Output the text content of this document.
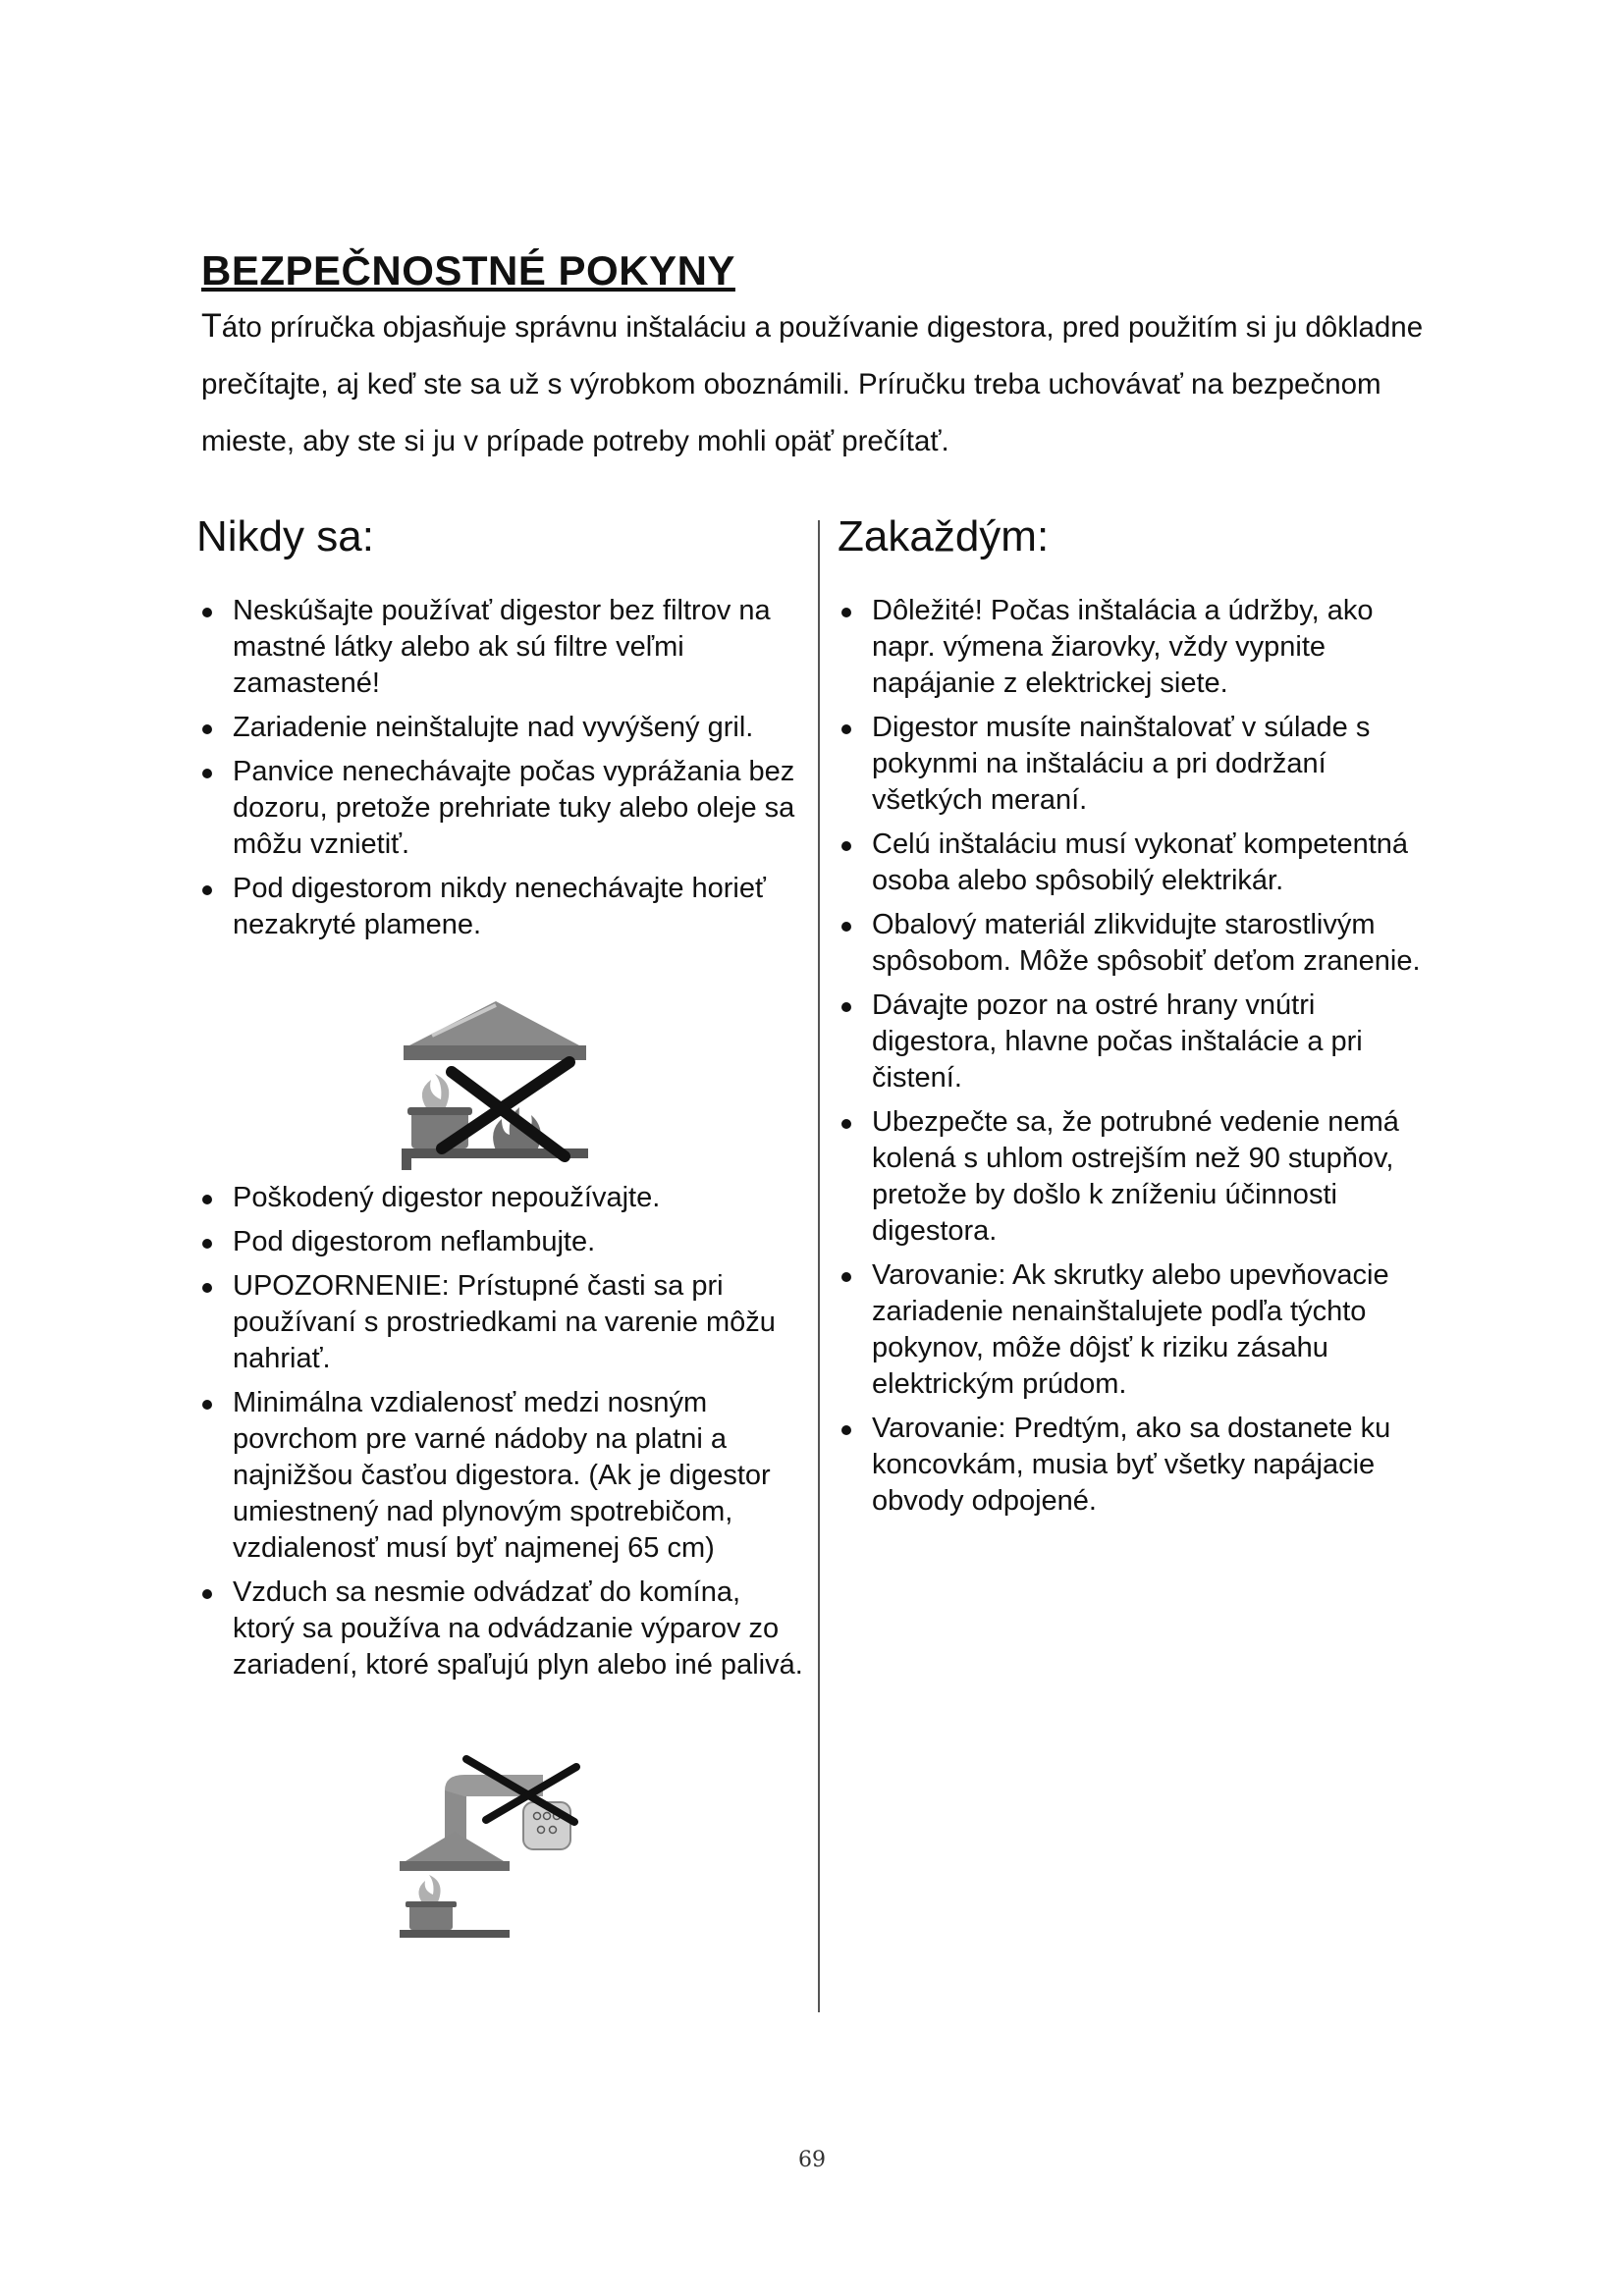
BEZPEČNOSTNÉ POKYNY

Táto príručka objasňuje správnu inštaláciu a používanie digestora, pred použitím si ju dôkladne prečítajte, aj keď ste sa už s výrobkom oboznámili. Príručku treba uchovávať na bezpečnom mieste, aby ste si ju v prípade potreby mohli opäť prečítať.

Nikdy sa:	Zakaždým:
Neskúšajte používať digestor bez filtrov na mastné látky alebo ak sú filtre veľmi zamastené!
Zariadenie neinštalujte nad vyvýšený gril.
Panvice nenechávajte počas vyprážania bez dozoru, pretože prehriate tuky alebo oleje sa môžu vznietiť.
Pod digestorom nikdy nenechávajte horieť nezakryté plamene.
Poškodený digestor nepoužívajte.
Pod digestorom neflambujte.
UPOZORNENIE: Prístupné časti sa pri používaní s prostriedkami na varenie môžu nahriať.
Minimálna vzdialenosť medzi nosným povrchom pre varné nádoby na platni a najnižšou časťou digestora. (Ak je digestor umiestnený nad plynovým spotrebičom, vzdialenosť musí byť najmenej 65 cm)
Vzduch sa nesmie odvádzať do komína, ktorý sa používa na odvádzanie výparov zo zariadení, ktoré spaľujú plyn alebo iné palivá.
Dôležité! Počas inštalácia a údržby, ako napr. výmena žiarovky, vždy vypnite napájanie z elektrickej siete.
Digestor musíte nainštalovať v súlade s pokynmi na inštaláciu a pri dodržaní všetkých meraní.
Celú inštaláciu musí vykonať kompetentná osoba alebo spôsobilý elektrikár.
Obalový materiál zlikvidujte starostlivým spôsobom. Môže spôsobiť deťom zranenie.
Dávajte pozor na ostré hrany vnútri digestora, hlavne počas inštalácie a pri čistení.
Ubezpečte sa, že potrubné vedenie nemá kolená s uhlom ostrejším než 90 stupňov, pretože by došlo k zníženiu účinnosti digestora.
Varovanie: Ak skrutky alebo upevňovacie zariadenie nenainštalujete podľa týchto pokynov, môže dôjsť k riziku zásahu elektrickým prúdom.
Varovanie: Predtým, ako sa dostanete ku koncovkám, musia byť všetky napájacie obvody odpojené.
69
